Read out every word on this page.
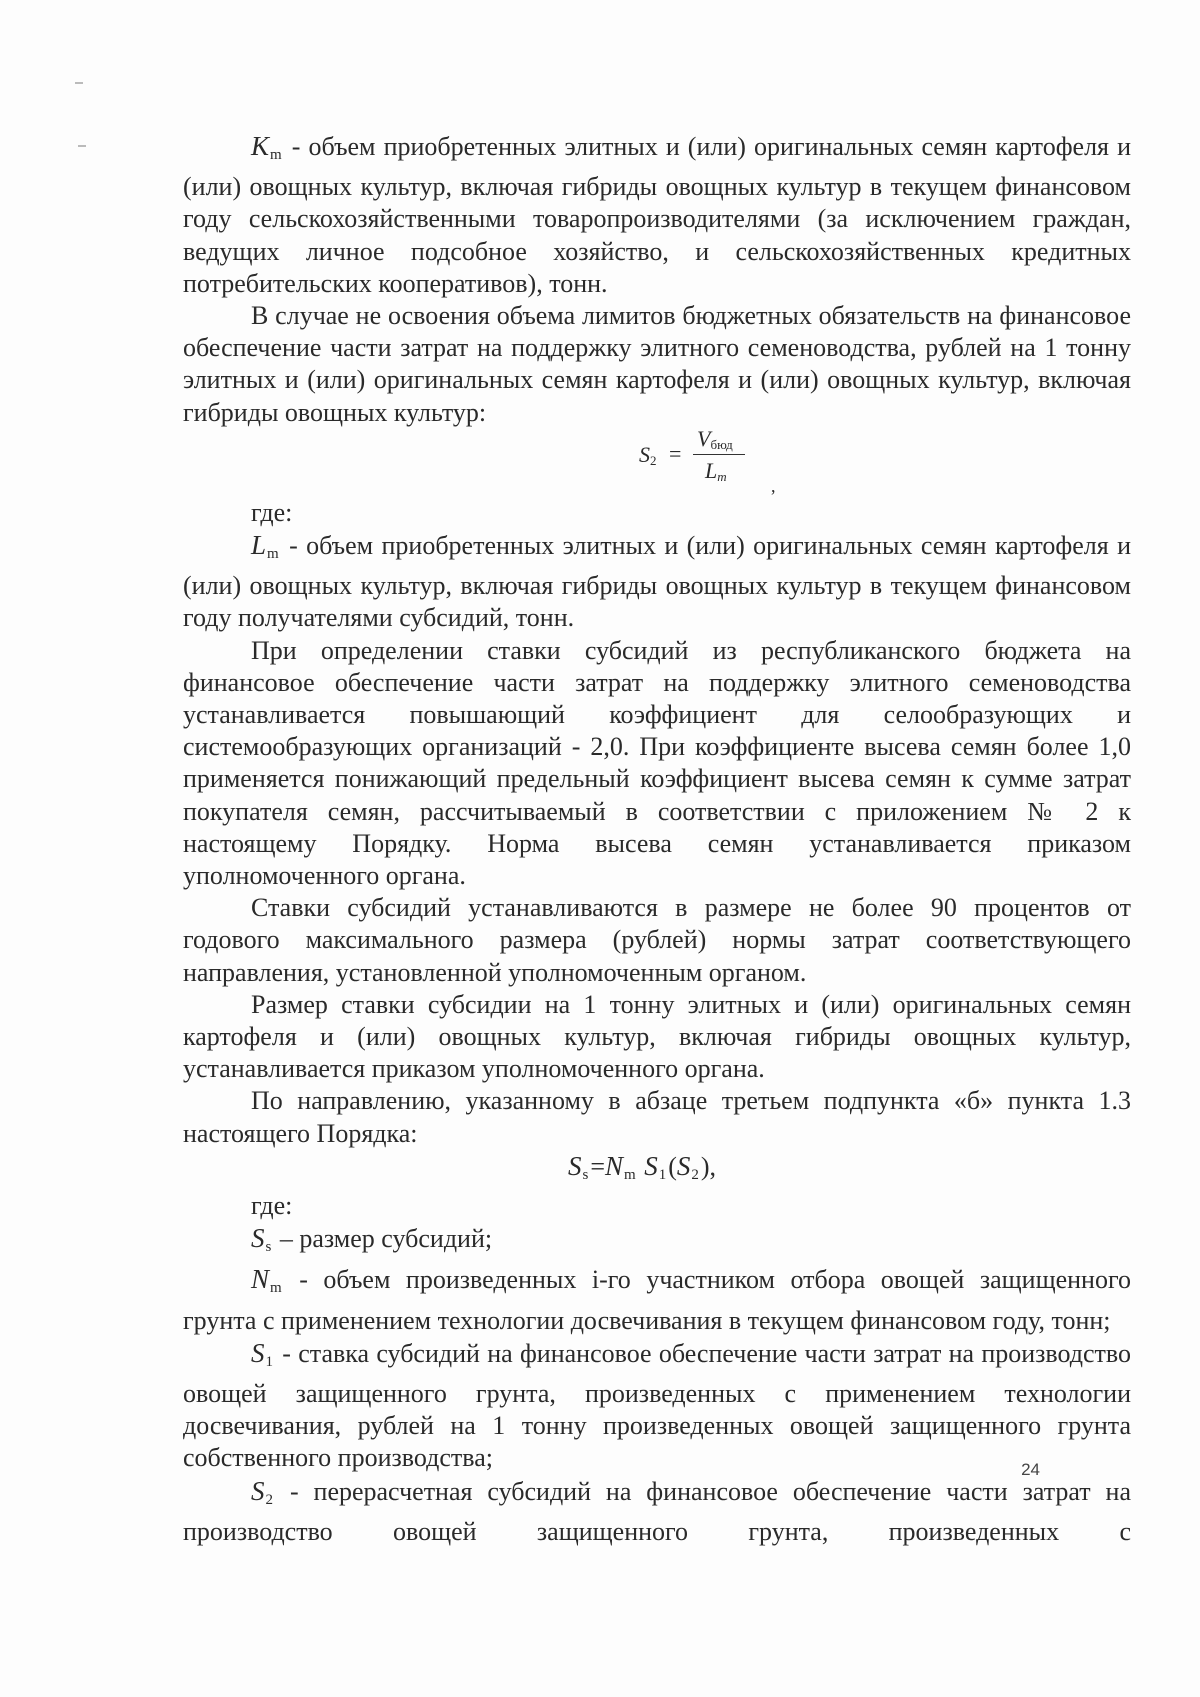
$K_m$ - объем приобретенных элитных и (или) оригинальных семян картофеля и (или) овощных культур, включая гибриды овощных культур в текущем финансовом году сельскохозяйственными товаропроизводителями (за исключением граждан, ведущих личное подсобное хозяйство, и сельскохозяйственных кредитных потребительских кооперативов), тонн.

В случае не освоения объема лимитов бюджетных обязательств на финансовое обеспечение части затрат на поддержку элитного семеноводства, рублей на 1 тонну элитных и (или) оригинальных семян картофеля и (или) овощных культур, включая гибриды овощных культур:

$S_2$ =
$V_{бюд}$
$L_m$ ,

где:

$L_m$ - объем приобретенных элитных и (или) оригинальных семян картофеля и (или) овощных культур, включая гибриды овощных культур в текущем финансовом году получателями субсидий, тонн.

При определении ставки субсидий из республиканского бюджета на финансовое обеспечение части затрат на поддержку элитного семеноводства устанавливается повышающий коэффициент для селообразующих и системообразующих организаций - 2,0. При коэффициенте высева семян более 1,0 применяется понижающий предельный коэффициент высева семян к сумме затрат покупателя семян, рассчитываемый в соответствии с приложением № 2 к настоящему Порядку. Норма высева семян устанавливается приказом уполномоченного органа.

Ставки субсидий устанавливаются в размере не более 90 процентов от годового максимального размера (рублей) нормы затрат соответствующего направления, установленной уполномоченным органом.

Размер ставки субсидии на 1 тонну элитных и (или) оригинальных семян картофеля и (или) овощных культур, включая гибриды овощных культур, устанавливается приказом уполномоченного органа.

По направлению, указанному в абзаце третьем подпункта «б» пункта 1.3 настоящего Порядка:

$S_s=N_m$ $S_1(S_2)$,

где:

$S_s$ – размер субсидий;

$N_m$ - объем произведенных i-го участником отбора овощей защищенного грунта с применением технологии досвечивания в текущем финансовом году, тонн;

$S_1$ - ставка субсидий на финансовое обеспечение части затрат на производство овощей защищенного грунта, произведенных с применением технологии досвечивания, рублей на 1 тонну произведенных овощей защищенного грунта собственного производства;

$S_2$ - перерасчетная субсидий на финансовое обеспечение части затрат на производство овощей защищенного грунта, произведенных с

24
